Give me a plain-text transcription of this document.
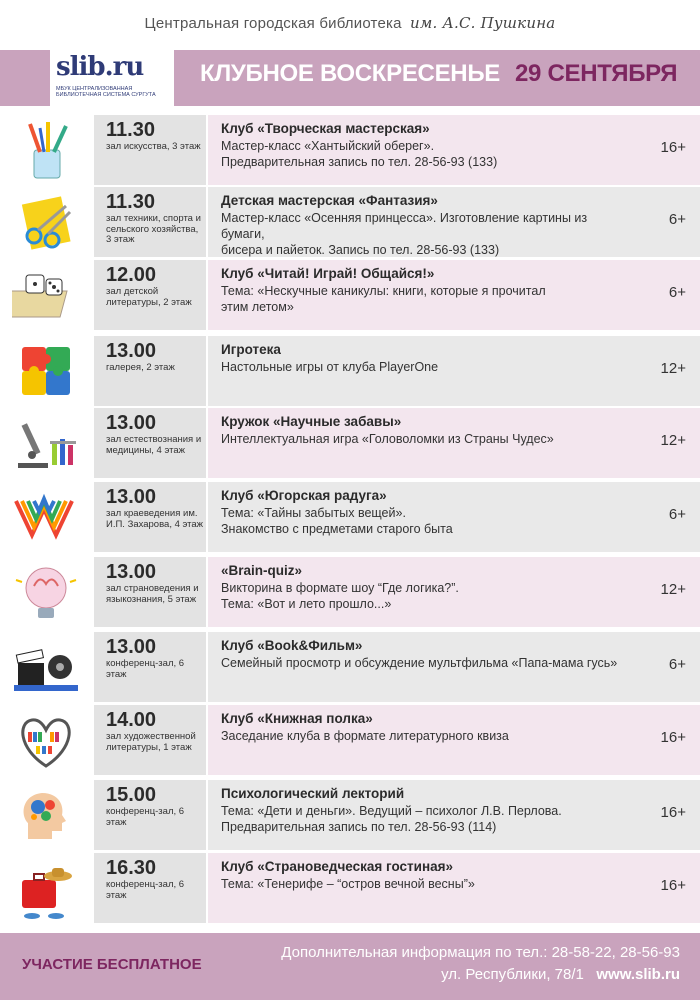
Центральная городская библиотека им. А.С. Пушкина
slib.ru
МБУК ЦЕНТРАЛИЗОВАННАЯ БИБЛИОТЕЧНАЯ СИСТЕМА СУРГУТА
КЛУБНОЕ ВОСКРЕСЕНЬЕ 29 СЕНТЯБРЯ
11.30
зал искусства, 3 этаж
Клуб «Творческая мастерская»
Мастер-класс «Хантыйский оберег».
Предварительная запись по тел. 28-56-93 (133)
16+
11.30
зал техники, спорта и сельского хозяйства, 3 этаж
Детская мастерская «Фантазия»
Мастер-класс «Осенняя принцесса». Изготовление картины из бумаги,
бисера и пайеток. Запись по тел. 28-56-93 (133)
6+
12.00
зал детской литературы, 2 этаж
Клуб «Читай! Играй! Общайся!»
Тема: «Нескучные каникулы: книги, которые я прочитал
этим летом»
6+
13.00
галерея, 2 этаж
Игротека
Настольные игры от клуба PlayerOne	12+
13.00
зал естествознания и медицины, 4 этаж
Кружок «Научные забавы»
Интеллектуальная игра «Головоломки из Страны Чудес»	12+
13.00
зал краеведения им. И.П. Захарова, 4 этаж
Клуб «Югорская радуга»
Тема: «Тайны забытых вещей».
Знакомство с предметами старого быта
6+
13.00
зал страноведения и языкознания, 5 этаж
«Brain-quiz»
Викторина в формате шоу “Где логика?”.
Тема: «Вот и лето прошло...»
12+
13.00
конференц-зал, 6 этаж
Клуб «Book&Фильм»
Семейный просмотр и обсуждение мультфильма «Папа-мама гусь»	6+
14.00
зал художественной литературы, 1 этаж
Клуб «Книжная полка»
Заседание клуба в формате литературного квиза	16+
15.00
конференц-зал, 6 этаж
Психологический лекторий
Тема: «Дети и деньги». Ведущий – психолог Л.В. Перлова.
Предварительная запись по тел. 28-56-93 (114)
16+
16.30
конференц-зал, 6 этаж
Клуб «Страноведческая гостиная»
Тема: «Тенерифе – “остров вечной весны”»	16+
УЧАСТИЕ БЕСПЛАТНОЕ
Дополнительная информация по тел.: 28-58-22, 28-56-93
ул. Республики, 78/1 www.slib.ru
